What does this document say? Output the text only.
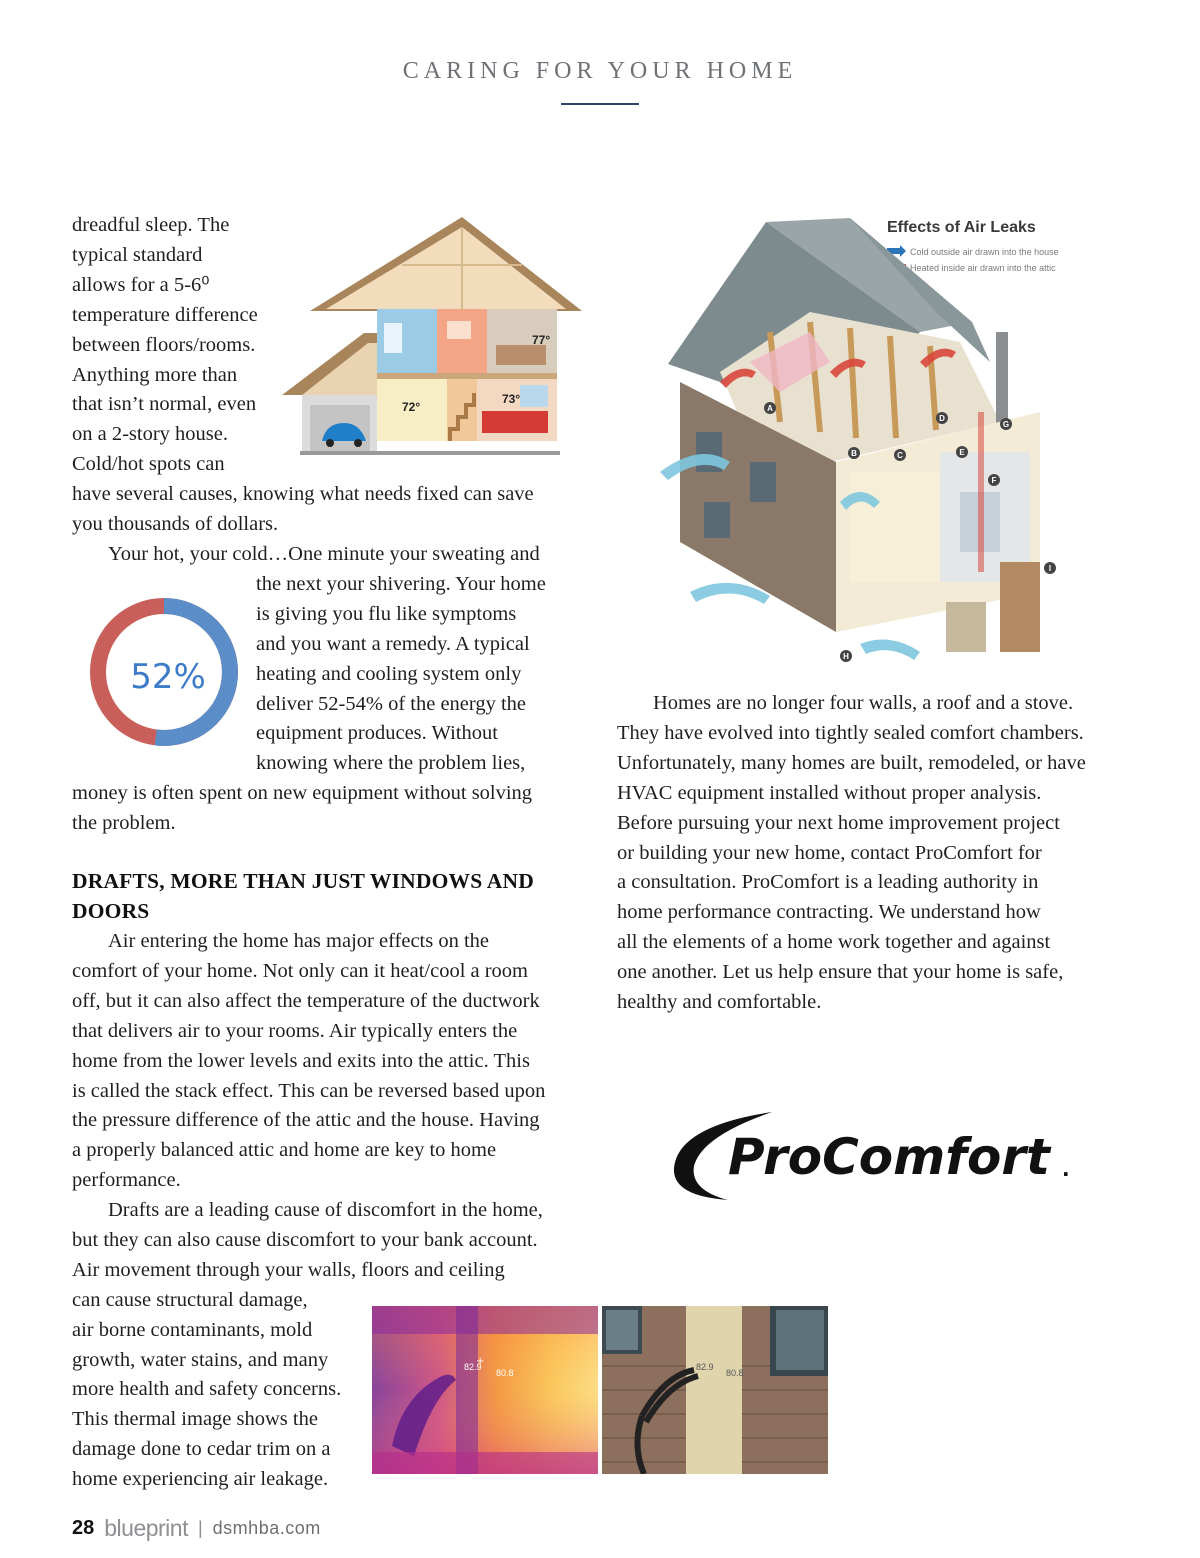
CARING FOR YOUR HOME
77°
72°
73°
52%
dreadful sleep. The
typical standard
allows for a 5-6⁰
temperature difference
between floors/rooms.
Anything more than
that isn’t normal, even
on a 2-story house.
Cold/hot spots can
have several causes, knowing what needs fixed can save
you thousands of dollars.
Your hot, your cold…One minute your sweating and
the next your shivering. Your home
is giving you flu like symptoms
and you want a remedy. A typical
heating and cooling system only
deliver 52-54% of the energy the
equipment produces. Without
knowing where the problem lies,
money is often spent on new equipment without solving
the problem.
DRAFTS, MORE THAN JUST WINDOWS AND
DOORS
Air entering the home has major effects on the
comfort of your home. Not only can it heat/cool a room
off, but it can also affect the temperature of the ductwork
that delivers air to your rooms. Air typically enters the
home from the lower levels and exits into the attic. This
is called the stack effect. This can be reversed based upon
the pressure difference of the attic and the house. Having
a properly balanced attic and home are key to home
performance.
Drafts are a leading cause of discomfort in the home,
but they can also cause discomfort to your bank account.
Air movement through your walls, floors and ceiling
can cause structural damage,
air borne contaminants, mold
growth, water stains, and many
more health and safety concerns.
This thermal image shows the
damage done to cedar trim on a
home experiencing air leakage.
82.9
80.8
+	82.9
80.8
Effects of Air Leaks
Cold outside air drawn into the house
Heated inside air drawn into the attic
A
B	C
D
E
F
G
H
I
Homes are no longer four walls, a roof and a stove.
They have evolved into tightly sealed comfort chambers.
Unfortunately, many homes are built, remodeled, or have
HVAC equipment installed without proper analysis.
Before pursuing your next home improvement project
or building your new home, contact ProComfort for
a consultation. ProComfort is a leading authority in
home performance contracting. We understand how
all the elements of a home work together and against
one another. Let us help ensure that your home is safe,
healthy and comfortable.
ProComfort .
28 blueprint | dsmhba.com
